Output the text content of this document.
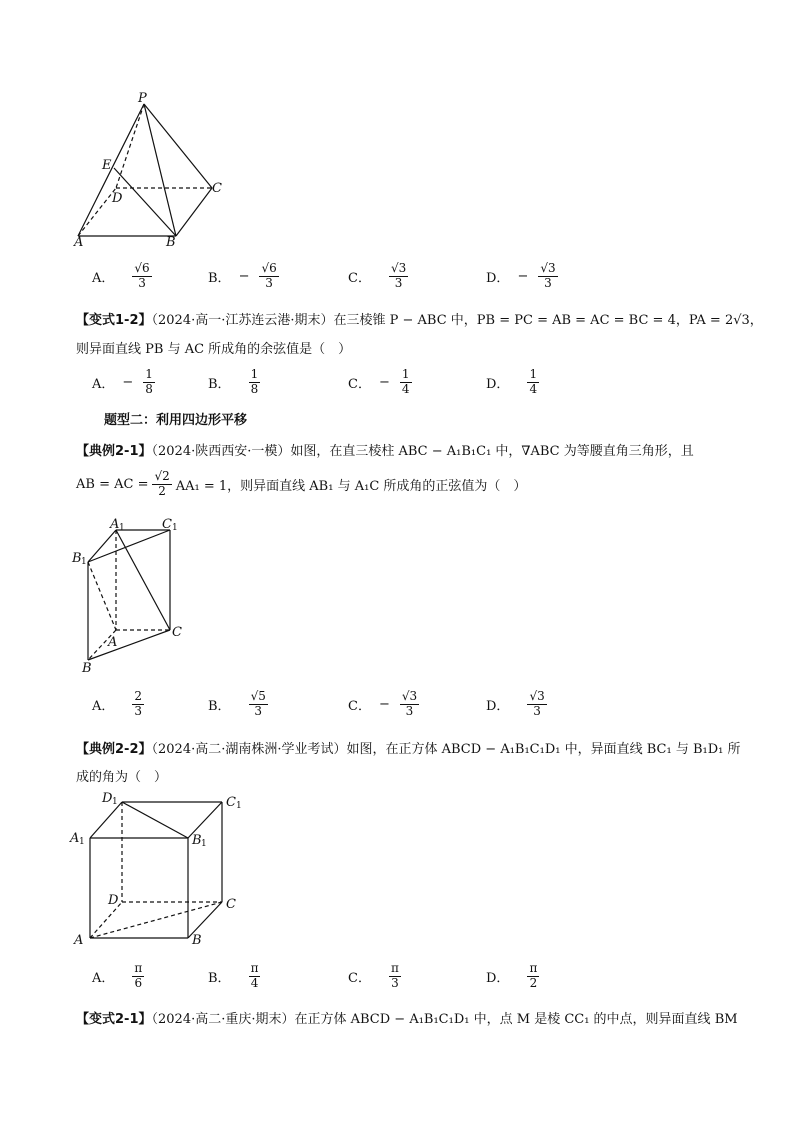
P
E
D
C
A	B
A． $\frac{√6}{3}$	B． − $\frac{√6}{3}$	C． $\frac{√3}{3}$	D． − $\frac{√3}{3}$
【变式1-2】（2024·高一·江苏连云港·期末）在三棱锥 P − ABC 中，PB = PC = AB = AC = BC = 4，PA = 2√3，
则异面直线 PB 与 AC 所成角的余弦值是（　）
A． − $\frac{1}{8}$	B． $\frac{1}{8}$	C． − $\frac{1}{4}$	D． $\frac{1}{4}$
题型二：利用四边形平移
【典例2-1】（2024·陕西西安·一模）如图，在直三棱柱 ABC − A₁B₁C₁ 中，∇ABC 为等腰直角三角形，且
AB = AC = $\frac{√2}{2} AA_1 = 1$，则异面直线 AB₁ 与 A₁C 所成角的正弦值为（　）
A 1	C 1
B 1
A
C
B
A． $\frac{2}{3}$	B． $\frac{√5}{3}$	C． − $\frac{√3}{3}$	D． $\frac{√3}{3}$
【典例2-2】（2024·高二·湖南株洲·学业考试）如图，在正方体 ABCD − A₁B₁C₁D₁ 中，异面直线 BC₁ 与 B₁D₁ 所
成的角为（　）
D 1	C 1
A 1	B 1
D	C
A	B
A． $\frac{\pi}{6}$	B． $\frac{\pi}{4}$	C． $\frac{\pi}{3}$	D． $\frac{\pi}{2}$
【变式2-1】（2024·高二·重庆·期末）在正方体 ABCD − A₁B₁C₁D₁ 中，点 M 是棱 CC₁ 的中点，则异面直线 BM
